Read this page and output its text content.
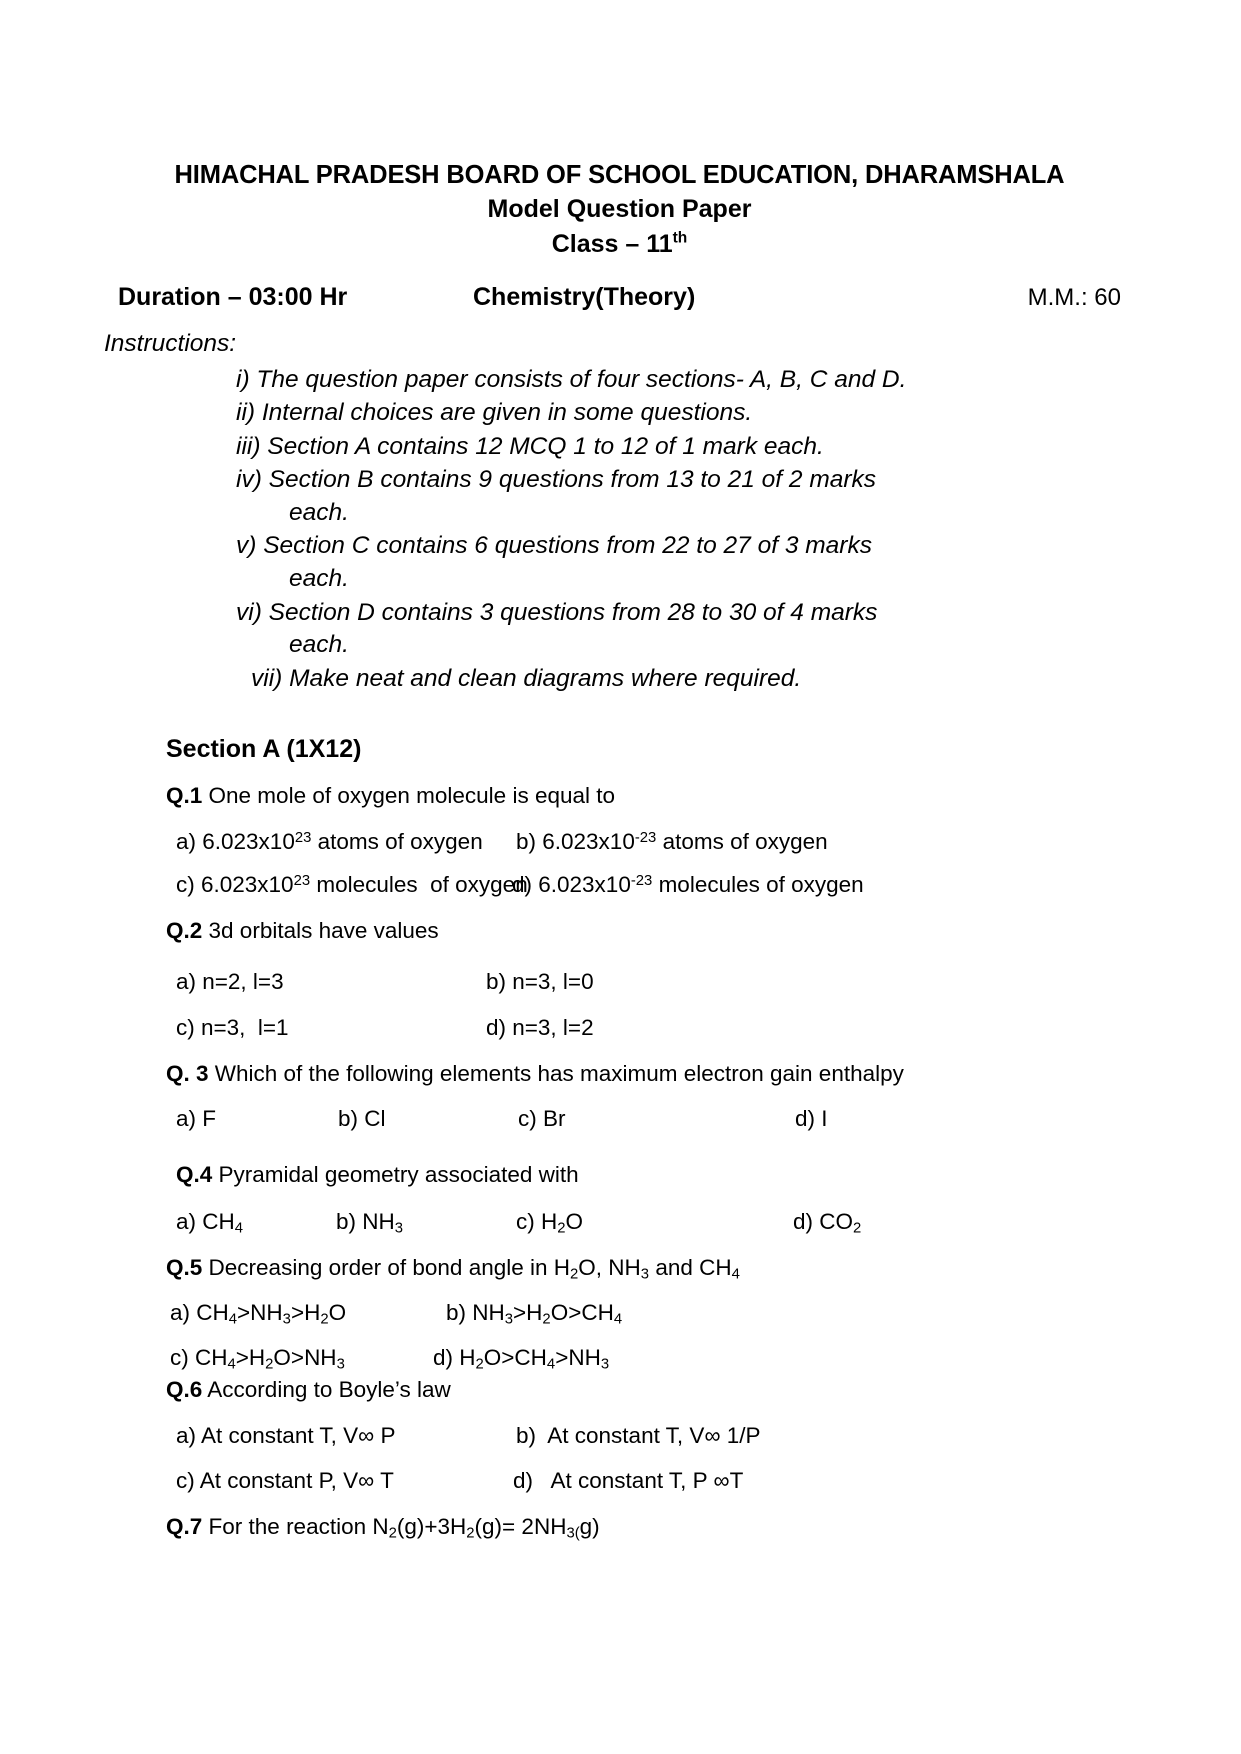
HIMACHAL PRADESH BOARD OF SCHOOL EDUCATION, DHARAMSHALA
Model Question Paper
Class – 11th
Duration – 03:00 Hr	Chemistry(Theory)	M.M.: 60
Instructions:
i) The question paper consists of four sections- A, B, C and D.
ii) Internal choices are given in some questions.
iii) Section A contains 12 MCQ 1 to 12 of 1 mark each.
iv) Section B contains 9 questions from 13 to 21 of 2 marks
each.
v) Section C contains 6 questions from 22 to 27 of 3 marks
each.
vi) Section D contains 3 questions from 28 to 30 of 4 marks
each.
vii) Make neat and clean diagrams where required.
Section A (1X12)
Q.1 One mole of oxygen molecule is equal to
a) $6.023x10^{23}$ atoms of oxygen	b) $6.023x10^{-23}$ atoms of oxygen
c) $6.023x10^{23}$ molecules  of oxygen
d) $6.023x10^{-23}$ molecules of oxygen
Q.2 3d orbitals have values
a) n=2, l=3	b) n=3, l=0
c) n=3,  l=1	d) n=3, l=2
Q. 3 Which of the following elements has maximum electron gain enthalpy
a) F	b) Cl	c) Br	d) I
Q.4 Pyramidal geometry associated with
a) $CH_4$	b) $NH_3$	c) $H_2O$	d) $CO_2$
Q.5 Decreasing order of bond angle in $H_2O$, $NH_3$ and $CH_4$
a) $CH_4>NH_3>H_2O$	b) $NH_3>H_2O>CH_4$
c) $CH_4>H_2O>NH_3$	d) $H_2O>CH_4>NH_3$
Q.6 According to Boyle’s law
a) At constant T, V∞ P	b)  At constant T, V∞ 1/P
c) At constant P, V∞ T	d)   At constant T, P ∞T
Q.7 For the reaction $N_2(g)+3H_2(g)= 2NH_{3(}g$)
